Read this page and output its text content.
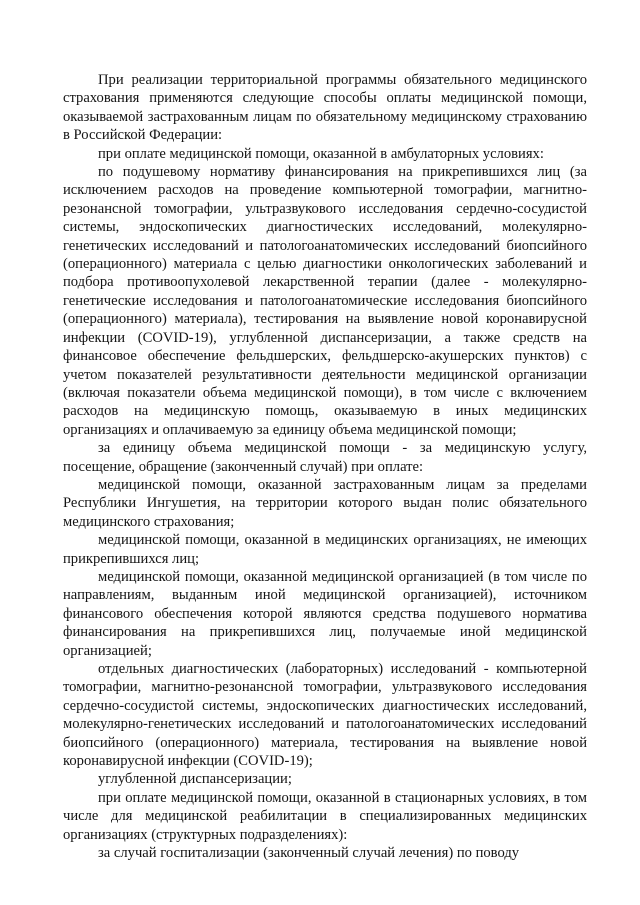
При реализации территориальной программы обязательного медицинского страхования применяются следующие способы оплаты медицинской помощи, оказываемой застрахованным лицам по обязательному медицинскому страхованию в Российской Федерации:

при оплате медицинской помощи, оказанной в амбулаторных условиях:

по подушевому нормативу финансирования на прикрепившихся лиц (за исключением расходов на проведение компьютерной томографии, магнитно-резонансной томографии, ультразвукового исследования сердечно-сосудистой системы, эндоскопических диагностических исследований, молекулярно-генетических исследований и патологоанатомических исследований биопсийного (операционного) материала с целью диагностики онкологических заболеваний и подбора противоопухолевой лекарственной терапии (далее - молекулярно-генетические исследования и патологоанатомические исследования биопсийного (операционного) материала), тестирования на выявление новой коронавирусной инфекции (COVID-19), углубленной диспансеризации, а также средств на финансовое обеспечение фельдшерских, фельдшерско-акушерских пунктов) с учетом показателей результативности деятельности медицинской организации (включая показатели объема медицинской помощи), в том числе с включением расходов на медицинскую помощь, оказываемую в иных медицинских организациях и оплачиваемую за единицу объема медицинской помощи;

за единицу объема медицинской помощи - за медицинскую услугу, посещение, обращение (законченный случай) при оплате:

медицинской помощи, оказанной застрахованным лицам за пределами Республики Ингушетия, на территории которого выдан полис обязательного медицинского страхования;

медицинской помощи, оказанной в медицинских организациях, не имеющих прикрепившихся лиц;

медицинской помощи, оказанной медицинской организацией (в том числе по направлениям, выданным иной медицинской организацией), источником финансового обеспечения которой являются средства подушевого норматива финансирования на прикрепившихся лиц, получаемые иной медицинской организацией;

отдельных диагностических (лабораторных) исследований - компьютерной томографии, магнитно-резонансной томографии, ультразвукового исследования сердечно-сосудистой системы, эндоскопических диагностических исследований, молекулярно-генетических исследований и патологоанатомических исследований биопсийного (операционного) материала, тестирования на выявление новой коронавирусной инфекции (COVID-19);

углубленной диспансеризации;

при оплате медицинской помощи, оказанной в стационарных условиях, в том числе для медицинской реабилитации в специализированных медицинских организациях (структурных подразделениях):

за случай госпитализации (законченный случай лечения) по поводу
